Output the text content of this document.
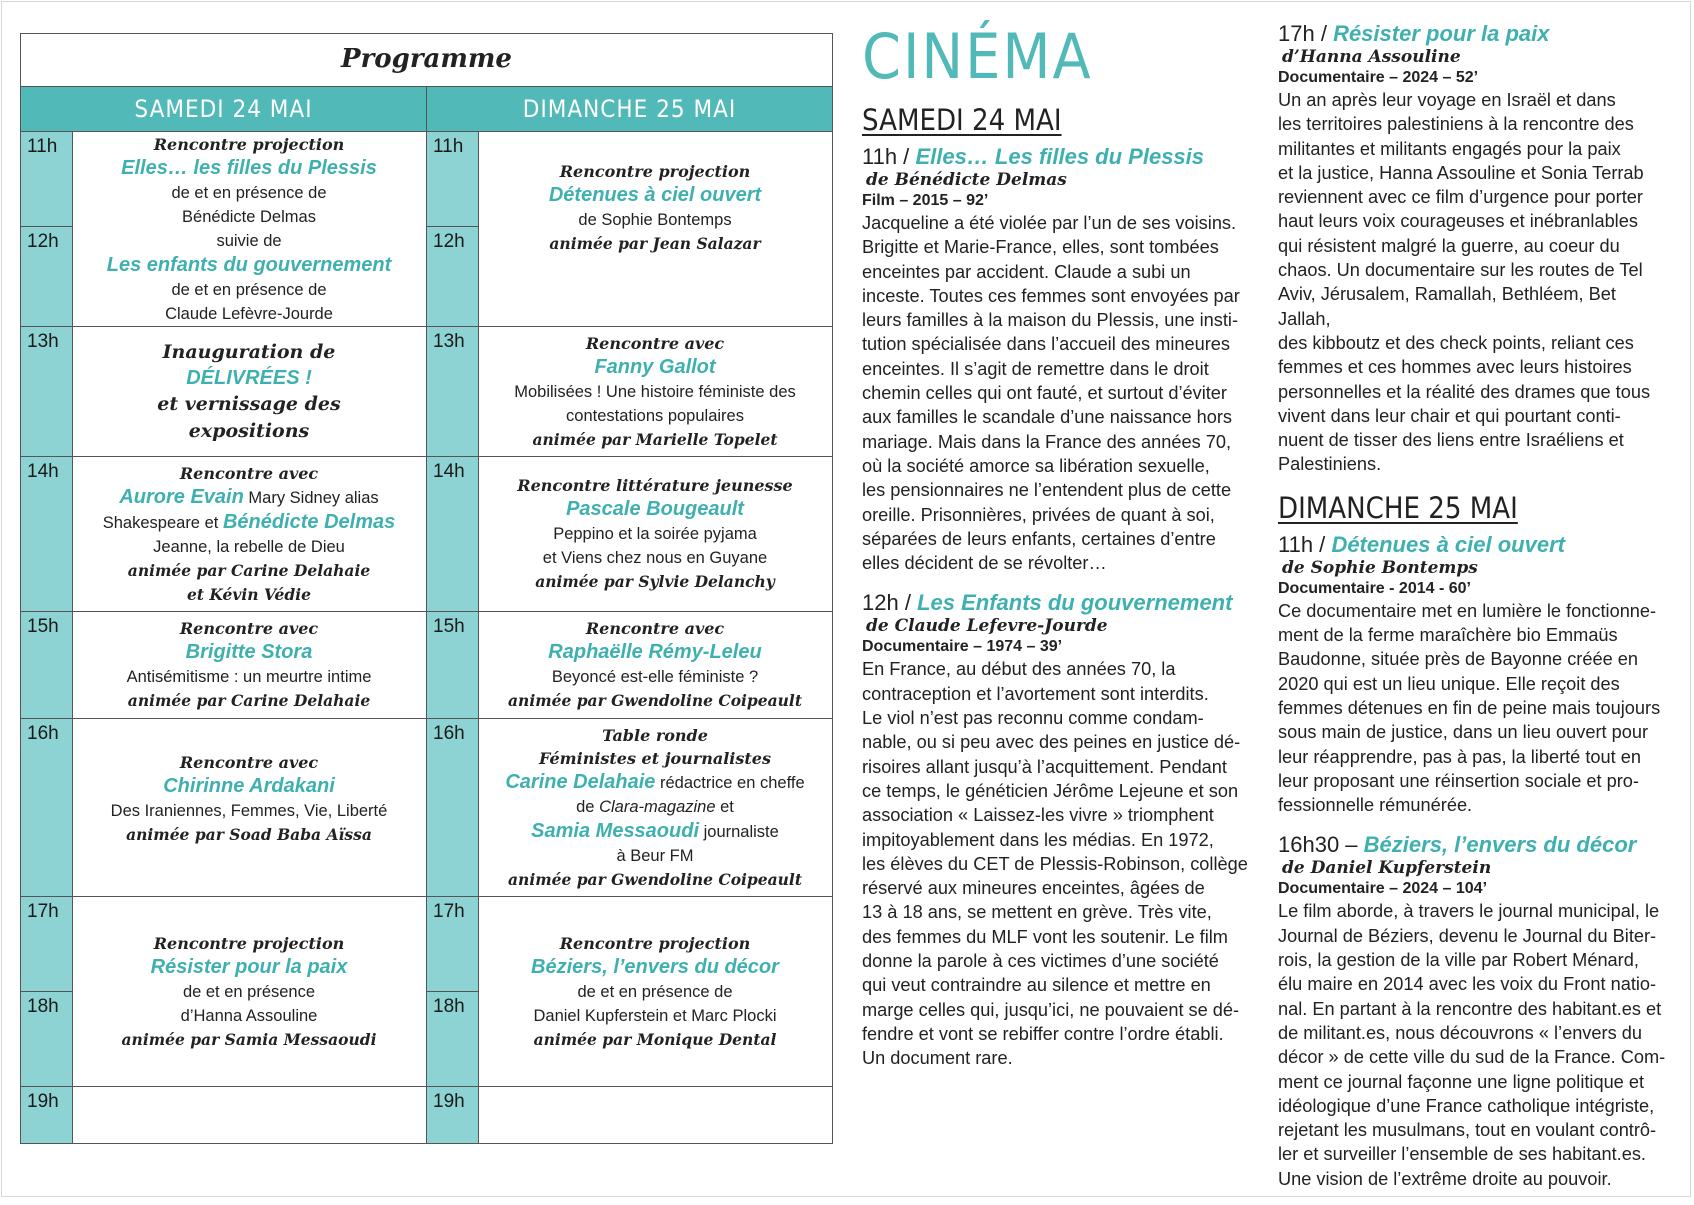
Programme
SAMEDI 24 MAI
11h
12h
13h
14h
15h
16h
17h
18h
19h
Rencontre projection
Elles… les filles du Plessis
de et en présence de
Bénédicte Delmas
suivie de
Les enfants du gouvernement
de et en présence de
Claude Lefèvre-Jourde
Inauguration de
DÉLIVRÉES !
et vernissage des
expositions
Rencontre avec
Aurore Evain Mary Sidney alias
Shakespeare et Bénédicte Delmas
Jeanne, la rebelle de Dieu
animée par Carine Delahaie
et Kévin Védie
Rencontre avec
Brigitte Stora
Antisémitisme : un meurtre intime
animée par Carine Delahaie
Rencontre avec
Chirinne Ardakani
Des Iraniennes, Femmes, Vie, Liberté
animée par Soad Baba Aïssa
Rencontre projection
Résister pour la paix
de et en présence
d’Hanna Assouline
animée par Samia Messaoudi
DIMANCHE 25 MAI
11h
12h
13h
14h
15h
16h
17h
18h
19h
Rencontre projection
Détenues à ciel ouvert
de Sophie Bontemps
animée par Jean Salazar
Rencontre avec
Fanny Gallot
Mobilisées ! Une histoire féministe des
contestations populaires
animée par Marielle Topelet
Rencontre littérature jeunesse
Pascale Bougeault
Peppino et la soirée pyjama
et Viens chez nous en Guyane
animée par Sylvie Delanchy
Rencontre avec
Raphaëlle Rémy-Leleu
Beyoncé est-elle féministe ?
animée par Gwendoline Coipeault
Table ronde
Féministes et journalistes
Carine Delahaie rédactrice en cheffe
de Clara-magazine et
Samia Messaoudi journaliste
à Beur FM
animée par Gwendoline Coipeault
Rencontre projection
Béziers, l’envers du décor
de et en présence de
Daniel Kupferstein et Marc Plocki
animée par Monique Dental
CINÉMA
SAMEDI 24 MAI
11h / Elles… Les filles du Plessis
de Bénédicte Delmas
Film – 2015 – 92’
Jacqueline a été violée par l’un de ses voisins.
Brigitte et Marie-France, elles, sont tombées
enceintes par accident. Claude a subi un
inceste. Toutes ces femmes sont envoyées par
leurs familles à la maison du Plessis, une insti-
tution spécialisée dans l’accueil des mineures
enceintes. Il s’agit de remettre dans le droit
chemin celles qui ont fauté, et surtout d’éviter
aux familles le scandale d’une naissance hors
mariage. Mais dans la France des années 70,
où la société amorce sa libération sexuelle,
les pensionnaires ne l’entendent plus de cette
oreille. Prisonnières, privées de quant à soi,
séparées de leurs enfants, certaines d’entre
elles décident de se révolter…
12h / Les Enfants du gouvernement
de Claude Lefevre-Jourde
Documentaire – 1974 – 39’
En France, au début des années 70, la
contraception et l’avortement sont interdits.
Le viol n’est pas reconnu comme condam-
nable, ou si peu avec des peines en justice dé-
risoires allant jusqu’à l’acquittement. Pendant
ce temps, le généticien Jérôme Lejeune et son
association « Laissez-les vivre » triomphent
impitoyablement dans les médias. En 1972,
les élèves du CET de Plessis-Robinson, collège
réservé aux mineures enceintes, âgées de
13 à 18 ans, se mettent en grève. Très vite,
des femmes du MLF vont les soutenir. Le film
donne la parole à ces victimes d’une société
qui veut contraindre au silence et mettre en
marge celles qui, jusqu’ici, ne pouvaient se dé-
fendre et vont se rebiffer contre l’ordre établi.
Un document rare.
17h / Résister pour la paix
d’Hanna Assouline
Documentaire – 2024 – 52’
Un an après leur voyage en Israël et dans
les territoires palestiniens à la rencontre des
militantes et militants engagés pour la paix
et la justice, Hanna Assouline et Sonia Terrab
reviennent avec ce film d’urgence pour porter
haut leurs voix courageuses et inébranlables
qui résistent malgré la guerre, au coeur du
chaos. Un documentaire sur les routes de Tel
Aviv, Jérusalem, Ramallah, Bethléem, Bet Jallah,
des kibboutz et des check points, reliant ces
femmes et ces hommes avec leurs histoires
personnelles et la réalité des drames que tous
vivent dans leur chair et qui pourtant conti-
nuent de tisser des liens entre Israéliens et
Palestiniens.
DIMANCHE 25 MAI
11h / Détenues à ciel ouvert
de Sophie Bontemps
Documentaire - 2014 - 60’
Ce documentaire met en lumière le fonctionne-
ment de la ferme maraîchère bio Emmaüs
Baudonne, située près de Bayonne créée en
2020 qui est un lieu unique. Elle reçoit des
femmes détenues en fin de peine mais toujours
sous main de justice, dans un lieu ouvert pour
leur réapprendre, pas à pas, la liberté tout en
leur proposant une réinsertion sociale et pro-
fessionnelle rémunérée.
16h30 – Béziers, l’envers du décor
de Daniel Kupferstein
Documentaire – 2024 – 104’
Le film aborde, à travers le journal municipal, le
Journal de Béziers, devenu le Journal du Biter-
rois, la gestion de la ville par Robert Ménard,
élu maire en 2014 avec les voix du Front natio-
nal. En partant à la rencontre des habitant.es et
de militant.es, nous découvrons « l’envers du
décor » de cette ville du sud de la France. Com-
ment ce journal façonne une ligne politique et
idéologique d’une France catholique intégriste,
rejetant les musulmans, tout en voulant contrô-
ler et surveiller l’ensemble de ses habitant.es.
Une vision de l’extrême droite au pouvoir.
